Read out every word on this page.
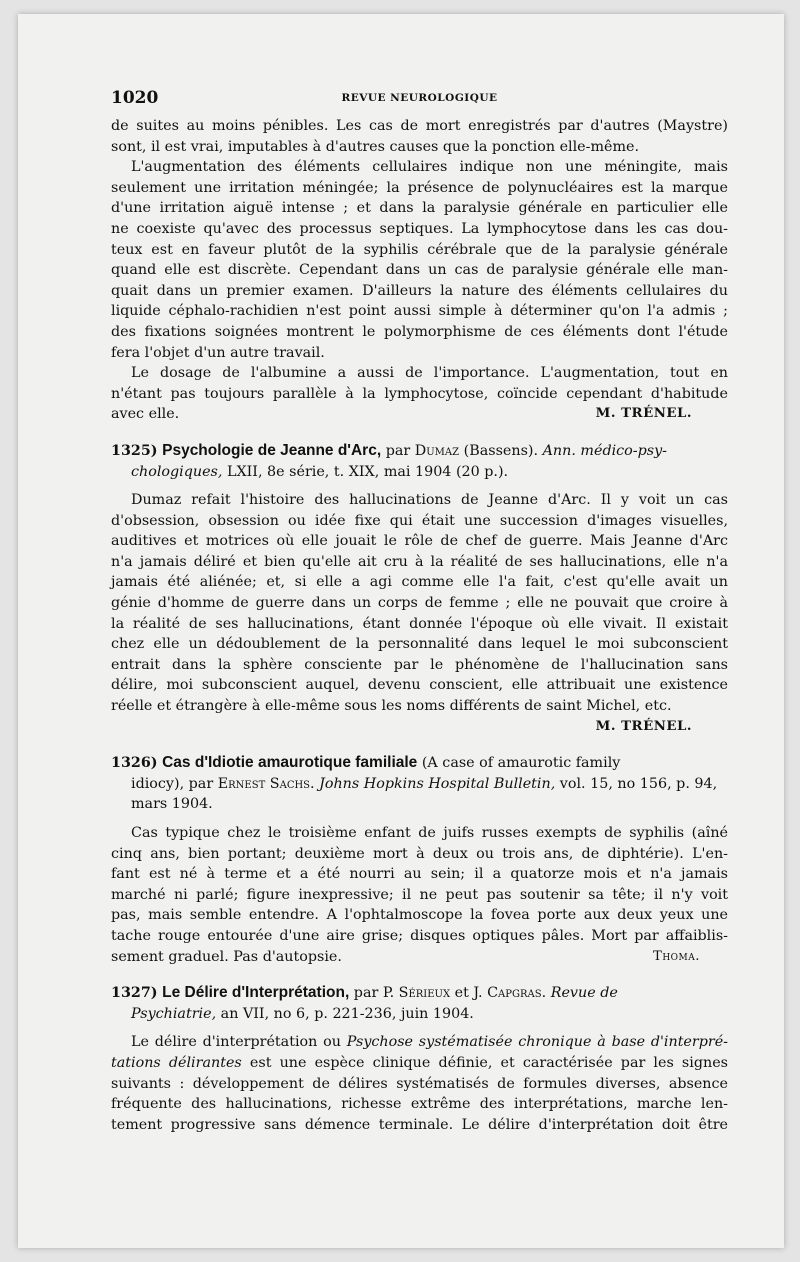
1020	REVUE NEUROLOGIQUE

de suites au moins pénibles. Les cas de mort enregistrés par d'autres (Maystre)

sont, il est vrai, imputables à d'autres causes que la ponction elle-même.

L'augmentation des éléments cellulaires indique non une méningite, mais

seulement une irritation méningée; la présence de polynucléaires est la marque

d'une irritation aiguë intense ; et dans la paralysie générale en particulier elle

ne coexiste qu'avec des processus septiques. La lymphocytose dans les cas dou-

teux est en faveur plutôt de la syphilis cérébrale que de la paralysie générale

quand elle est discrète. Cependant dans un cas de paralysie générale elle man-

quait dans un premier examen. D'ailleurs la nature des éléments cellulaires du

liquide céphalo-rachidien n'est point aussi simple à déterminer qu'on l'a admis ;

des fixations soignées montrent le polymorphisme de ces éléments dont l'étude

fera l'objet d'un autre travail.

Le dosage de l'albumine a aussi de l'importance. L'augmentation, tout en

n'étant pas toujours parallèle à la lymphocytose, coïncide cependant d'habitude

avec elle.	M. TRÉNEL.

1325) Psychologie de Jeanne d'Arc, par Dumaz (Bassens). Ann. médico-psy-
chologiques, LXII, 8e série, t. XIX, mai 1904 (20 p.).

Dumaz refait l'histoire des hallucinations de Jeanne d'Arc. Il y voit un cas

d'obsession, obsession ou idée fixe qui était une succession d'images visuelles,

auditives et motrices où elle jouait le rôle de chef de guerre. Mais Jeanne d'Arc

n'a jamais déliré et bien qu'elle ait cru à la réalité de ses hallucinations, elle n'a

jamais été aliénée; et, si elle a agi comme elle l'a fait, c'est qu'elle avait un

génie d'homme de guerre dans un corps de femme ; elle ne pouvait que croire à

la réalité de ses hallucinations, étant donnée l'époque où elle vivait. Il existait

chez elle un dédoublement de la personnalité dans lequel le moi subconscient

entrait dans la sphère consciente par le phénomène de l'hallucination sans

délire, moi subconscient auquel, devenu conscient, elle attribuait une existence

réelle et étrangère à elle-même sous les noms différents de saint Michel, etc.

M. TRÉNEL.

1326) Cas d'Idiotie amaurotique familiale (A case of amaurotic family
idiocy), par Ernest Sachs. Johns Hopkins Hospital Bulletin, vol. 15, no 156, p. 94,
mars 1904.

Cas typique chez le troisième enfant de juifs russes exempts de syphilis (aîné

cinq ans, bien portant; deuxième mort à deux ou trois ans, de diphtérie). L'en-

fant est né à terme et a été nourri au sein; il a quatorze mois et n'a jamais

marché ni parlé; figure inexpressive; il ne peut pas soutenir sa tête; il n'y voit

pas, mais semble entendre. A l'ophtalmoscope la fovea porte aux deux yeux une

tache rouge entourée d'une aire grise; disques optiques pâles. Mort par affaiblis-

sement graduel. Pas d'autopsie.	Thoma.

1327) Le Délire d'Interprétation, par P. Sérieux et J. Capgras. Revue de
Psychiatrie, an VII, no 6, p. 221-236, juin 1904.

Le délire d'interprétation ou Psychose systématisée chronique à base d'interpré-

tations délirantes est une espèce clinique définie, et caractérisée par les signes

suivants : développement de délires systématisés de formules diverses, absence

fréquente des hallucinations, richesse extrême des interprétations, marche len-

tement progressive sans démence terminale. Le délire d'interprétation doit être
